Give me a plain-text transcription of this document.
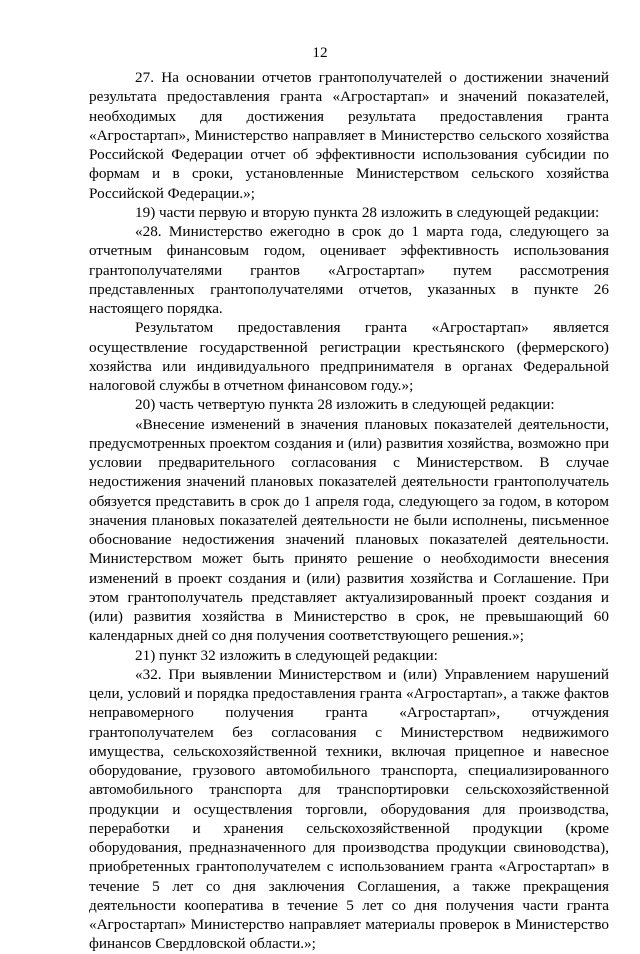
12

27. На основании отчетов грантополучателей о достижении значений результата предоставления гранта «Агростартап» и значений показателей, необходимых для достижения результата предоставления гранта «Агростартап», Министерство направляет в Министерство сельского хозяйства Российской Федерации отчет об эффективности использования субсидии по формам и в сроки, установленные Министерством сельского хозяйства Российской Федерации.»;

19) части первую и вторую пункта 28 изложить в следующей редакции:

«28. Министерство ежегодно в срок до 1 марта года, следующего за отчетным финансовым годом, оценивает эффективность использования грантополучателями грантов «Агростартап» путем рассмотрения представленных грантополучателями отчетов, указанных в пункте 26 настоящего порядка.

Результатом предоставления гранта «Агростартап» является осуществление государственной регистрации крестьянского (фермерского) хозяйства или индивидуального предпринимателя в органах Федеральной налоговой службы в отчетном финансовом году.»;

20) часть четвертую пункта 28 изложить в следующей редакции:

«Внесение изменений в значения плановых показателей деятельности, предусмотренных проектом создания и (или) развития хозяйства, возможно при условии предварительного согласования с Министерством. В случае недостижения значений плановых показателей деятельности грантополучатель обязуется представить в срок до 1 апреля года, следующего за годом, в котором значения плановых показателей деятельности не были исполнены, письменное обоснование недостижения значений плановых показателей деятельности. Министерством может быть принято решение о необходимости внесения изменений в проект создания и (или) развития хозяйства и Соглашение. При этом грантополучатель представляет актуализированный проект создания и (или) развития хозяйства в Министерство в срок, не превышающий 60 календарных дней со дня получения соответствующего решения.»;

21) пункт 32 изложить в следующей редакции:

«32. При выявлении Министерством и (или) Управлением нарушений цели, условий и порядка предоставления гранта «Агростартап», а также фактов неправомерного получения гранта «Агростартап», отчуждения грантополучателем без согласования с Министерством недвижимого имущества, сельскохозяйственной техники, включая прицепное и навесное оборудование, грузового автомобильного транспорта, специализированного автомобильного транспорта для транспортировки сельскохозяйственной продукции и осуществления торговли, оборудования для производства, переработки и хранения сельскохозяйственной продукции (кроме оборудования, предназначенного для производства продукции свиноводства), приобретенных грантополучателем с использованием гранта «Агростартап» в течение 5 лет со дня заключения Соглашения, а также прекращения деятельности кооператива в течение 5 лет со дня получения части гранта «Агростартап» Министерство направляет материалы проверок в Министерство финансов Свердловской области.»;
